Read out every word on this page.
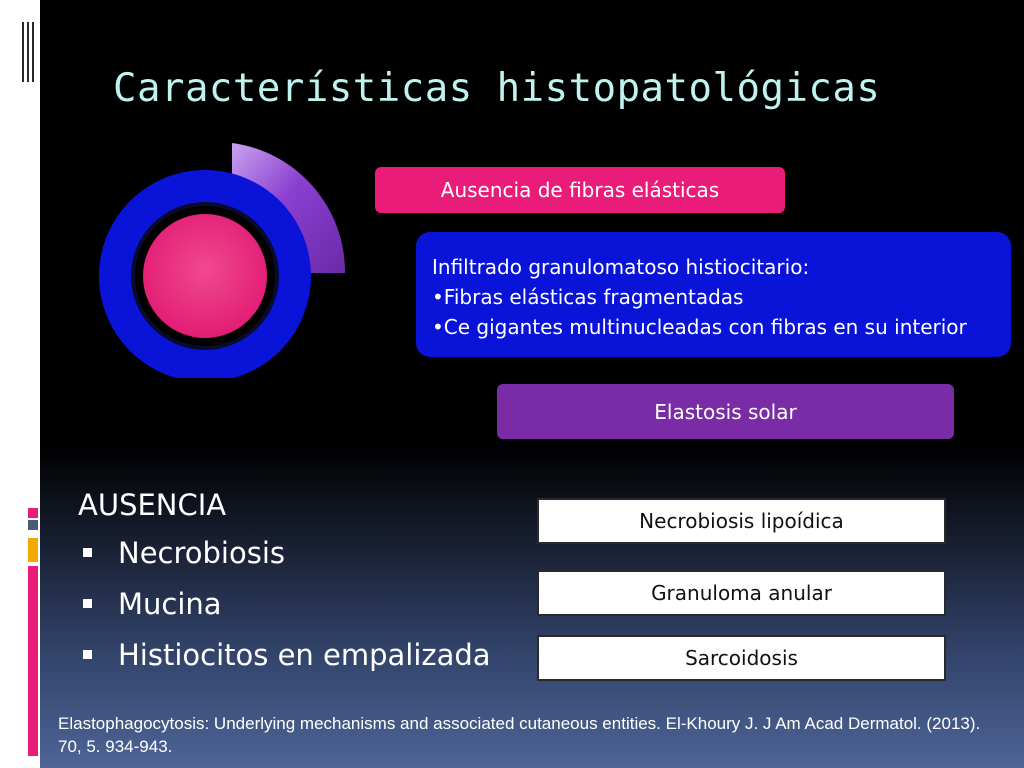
Características histopatológicas
Ausencia de fibras elásticas
Infiltrado granulomatoso histiocitario:
•Fibras elásticas fragmentadas
•Ce gigantes multinucleadas con fibras en su interior
Elastosis solar
AUSENCIA
Necrobiosis
Mucina
Histiocitos en empalizada
Necrobiosis lipoídica
Granuloma anular
Sarcoidosis
Elastophagocytosis: Underlying mechanisms and associated cutaneous entities. El-Khoury J. J Am Acad Dermatol. (2013). 70, 5. 934-943.
